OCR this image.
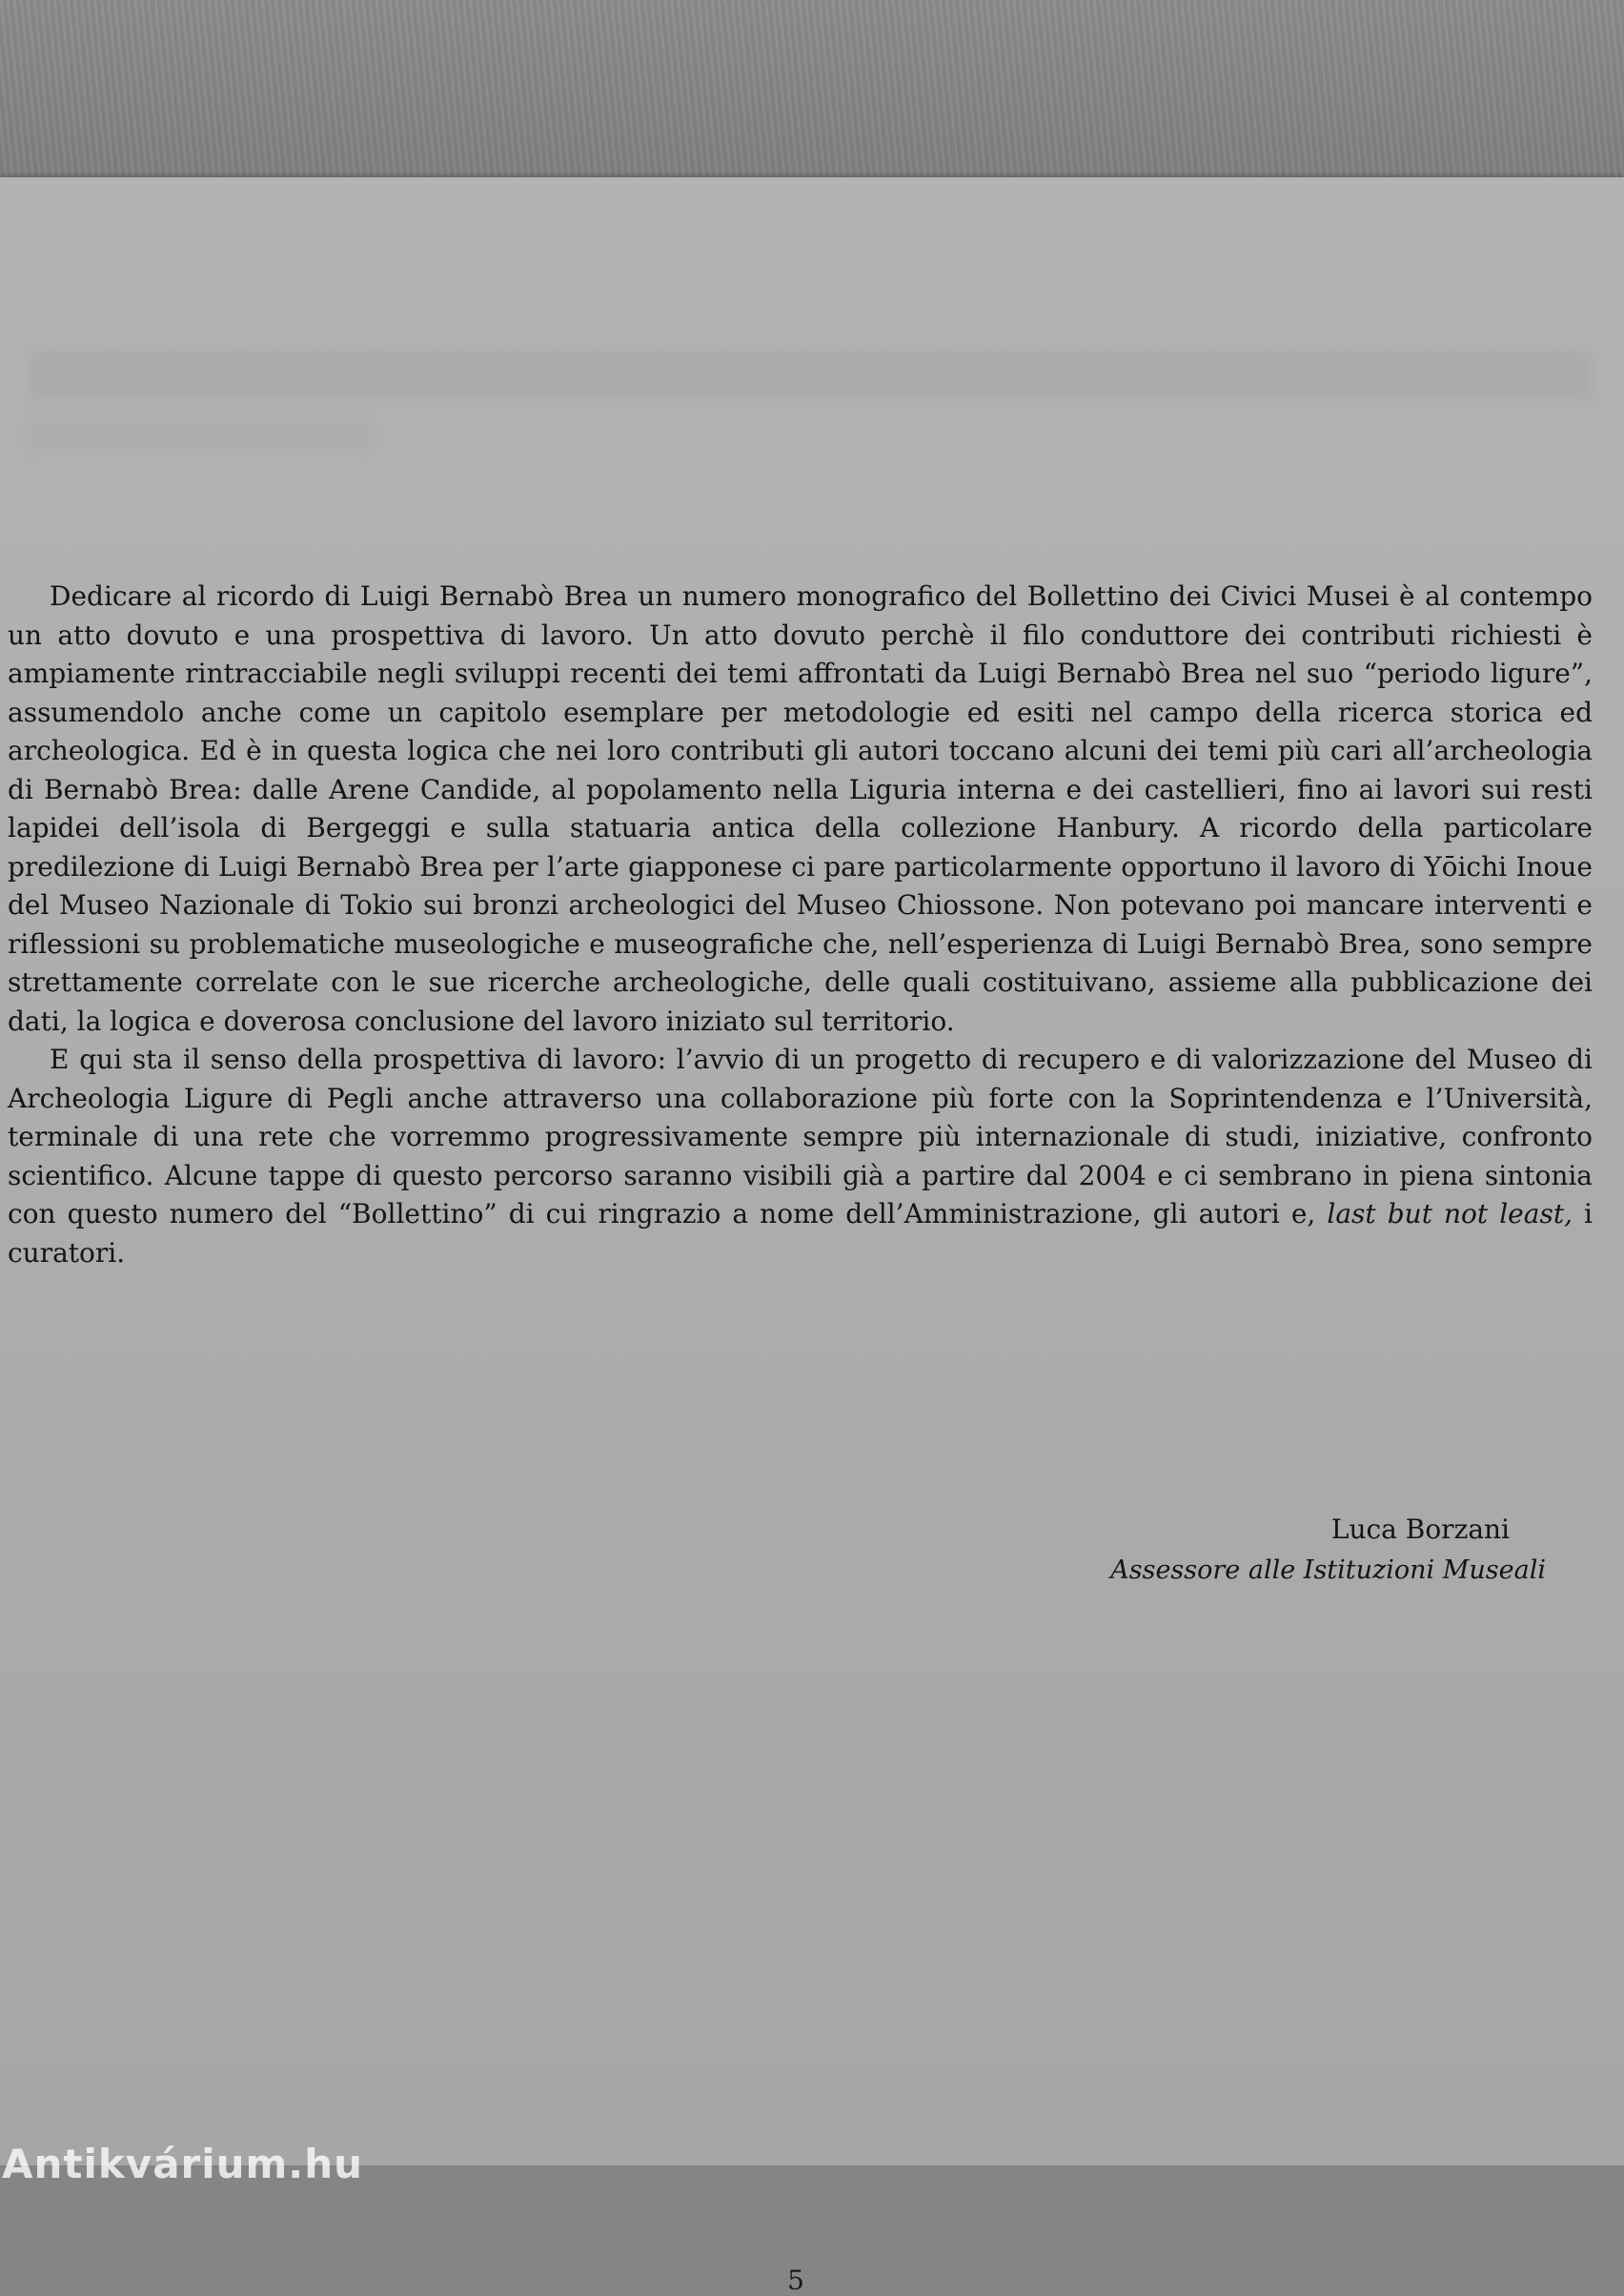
Dedicare al ricordo di Luigi Bernabò Brea un numero monografico del Bollettino dei Civici Musei è al contempo un atto dovuto e una prospettiva di lavoro. Un atto dovuto perchè il filo conduttore dei contributi richiesti è ampiamente rintracciabile negli sviluppi recenti dei temi affrontati da Luigi Bernabò Brea nel suo “periodo ligure”, assumendolo anche come un capitolo esemplare per metodologie ed esiti nel campo della ricerca storica ed archeologica. Ed è in questa logica che nei loro contributi gli autori toccano alcuni dei temi più cari all’archeologia di Bernabò Brea: dalle Arene Candide, al popolamento nella Liguria interna e dei castellieri, fino ai lavori sui resti lapidei dell’isola di Bergeggi e sulla statuaria antica della collezione Hanbury. A ricordo della particolare predilezione di Luigi Bernabò Brea per l’arte giapponese ci pare particolarmente opportuno il lavoro di Yōichi Inoue del Museo Nazionale di Tokio sui bronzi archeologici del Museo Chiossone. Non potevano poi mancare interventi e riflessioni su problematiche museologiche e museografiche che, nell’esperienza di Luigi Bernabò Brea, sono sempre strettamente correlate con le sue ricerche archeologiche, delle quali costituivano, assieme alla pubblicazione dei dati, la logica e doverosa conclusione del lavoro iniziato sul territorio.

E qui sta il senso della prospettiva di lavoro: l’avvio di un progetto di recupero e di valorizzazione del Museo di Archeologia Ligure di Pegli anche attraverso una collaborazione più forte con la Soprintendenza e l’Università, terminale di una rete che vorremmo progressivamente sempre più internazionale di studi, iniziative, confronto scientifico. Alcune tappe di questo percorso saranno visibili già a partire dal 2004 e ci sembrano in piena sintonia con questo numero del “Bollettino” di cui ringrazio a nome dell’Amministrazione, gli autori e, last but not least, i curatori.

Luca Borzani
Assessore alle Istituzioni Museali
5
Antikvárium.hu
